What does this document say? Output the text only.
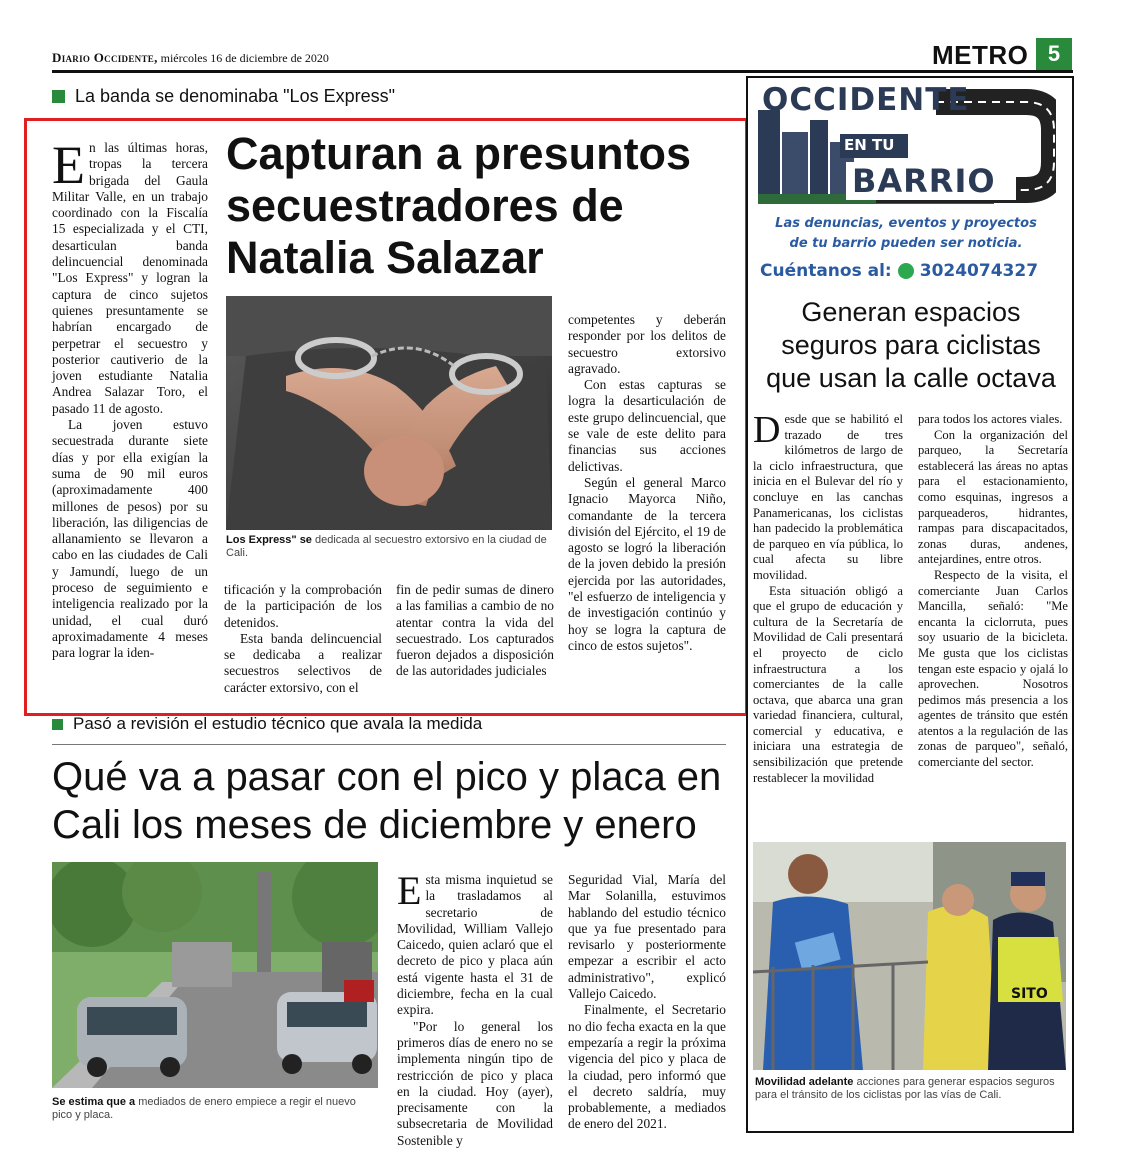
Diario Occidente, miércoles 16 de diciembre de 2020	METRO 5
La banda se denominaba "Los Express"
Capturan a presuntos secuestradores de Natalia Salazar

En las últimas horas, tropas la tercera brigada del Gaula Militar Valle, en un trabajo coordinado con la Fiscalía 15 especializada y el CTI, desarticulan banda delincuencial denominada "Los Express" y logran la captura de cinco sujetos quienes presuntamente se habrían encargado de perpetrar el secuestro y posterior cautiverio de la joven estudiante Natalia Andrea Salazar Toro, el pasado 11 de agosto.

La joven estuvo secuestrada durante siete días y por ella exigían la suma de 90 mil euros (aproximadamente 400 millones de pesos) por su liberación, las diligencias de allanamiento se llevaron a cabo en las ciudades de Cali y Jamundí, luego de un proceso de seguimiento e inteligencia realizado por la unidad, el cual duró aproximadamente 4 meses para lograr la iden-

Los Express" se dedicada al secuestro extorsivo en la ciudad de Cali.

tificación y la comprobación de la participación de los detenidos.

Esta banda delincuencial se dedicaba a realizar secuestros selectivos de carácter extorsivo, con el

fin de pedir sumas de dinero a las familias a cambio de no atentar contra la vida del secuestrado. Los capturados fueron dejados a disposición de las autoridades judiciales

competentes y deberán responder por los delitos de secuestro extorsivo agravado.

Con estas capturas se logra la desarticulación de este grupo delincuencial, que se vale de este delito para financias sus acciones delictivas.

Según el general Marco Ignacio Mayorca Niño, comandante de la tercera división del Ejército, el 19 de agosto se logró la liberación de la joven debido la presión ejercida por las autoridades, "el esfuerzo de inteligencia y de investigación continúo y hoy se logra la captura de cinco de estos sujetos".

Pasó a revisión el estudio técnico que avala la medida
Qué va a pasar con el pico y placa en Cali los meses de diciembre y enero
Se estima que a mediados de enero empiece a regir el nuevo pico y placa.

Esta misma inquietud se la trasladamos al secretario de Movilidad, William Vallejo Caicedo, quien aclaró que el decreto de pico y placa aún está vigente hasta el 31 de diciembre, fecha en la cual expira.

"Por lo general los primeros días de enero no se implementa ningún tipo de restricción de pico y placa en la ciudad. Hoy (ayer), precisamente con la subsecretaria de Movilidad Sostenible y

Seguridad Vial, María del Mar Solanilla, estuvimos hablando del estudio técnico que ya fue presentado para revisarlo y posteriormente empezar a escribir el acto administrativo", explicó Vallejo Caicedo.

Finalmente, el Secretario no dio fecha exacta en la que empezaría a regir la próxima vigencia del pico y placa de la ciudad, pero informó que el decreto saldría, muy probablemente, a mediados de enero del 2021.

OCCIDENTE
EN TU
BARRIO
Las denuncias, eventos y proyectos
de tu barrio pueden ser noticia.
Cuéntanos al: 3024074327
Generan espacios seguros para ciclistas que usan la calle octava

Desde que se habilitó el trazado de tres kilómetros de largo de la ciclo infraestructura, que inicia en el Bulevar del río y concluye en las canchas Panamericanas, los ciclistas han padecido la problemática de parqueo en vía pública, lo cual afecta su libre movilidad.

Esta situación obligó a que el grupo de educación y cultura de la Secretaría de Movilidad de Cali presentará el proyecto de ciclo infraestructura a los comerciantes de la calle octava, que abarca una gran variedad financiera, cultural, comercial y educativa, e iniciara una estrategia de sensibilización que pretende restablecer la movilidad

para todos los actores viales.

Con la organización del parqueo, la Secretaría establecerá las áreas no aptas para el estacionamiento, como esquinas, ingresos a parqueaderos, hidrantes, rampas para discapacitados, zonas duras, andenes, antejardines, entre otros.

Respecto de la visita, el comerciante Juan Carlos Mancilla, señaló: "Me encanta la ciclorruta, pues soy usuario de la bicicleta. Me gusta que los ciclistas tengan este espacio y ojalá lo aprovechen. Nosotros pedimos más presencia a los agentes de tránsito que estén atentos a la regulación de las zonas de parqueo", señaló, comerciante del sector.

SITO
Movilidad adelante acciones para generar espacios seguros para el tránsito de los ciclistas por las vías de Cali.
